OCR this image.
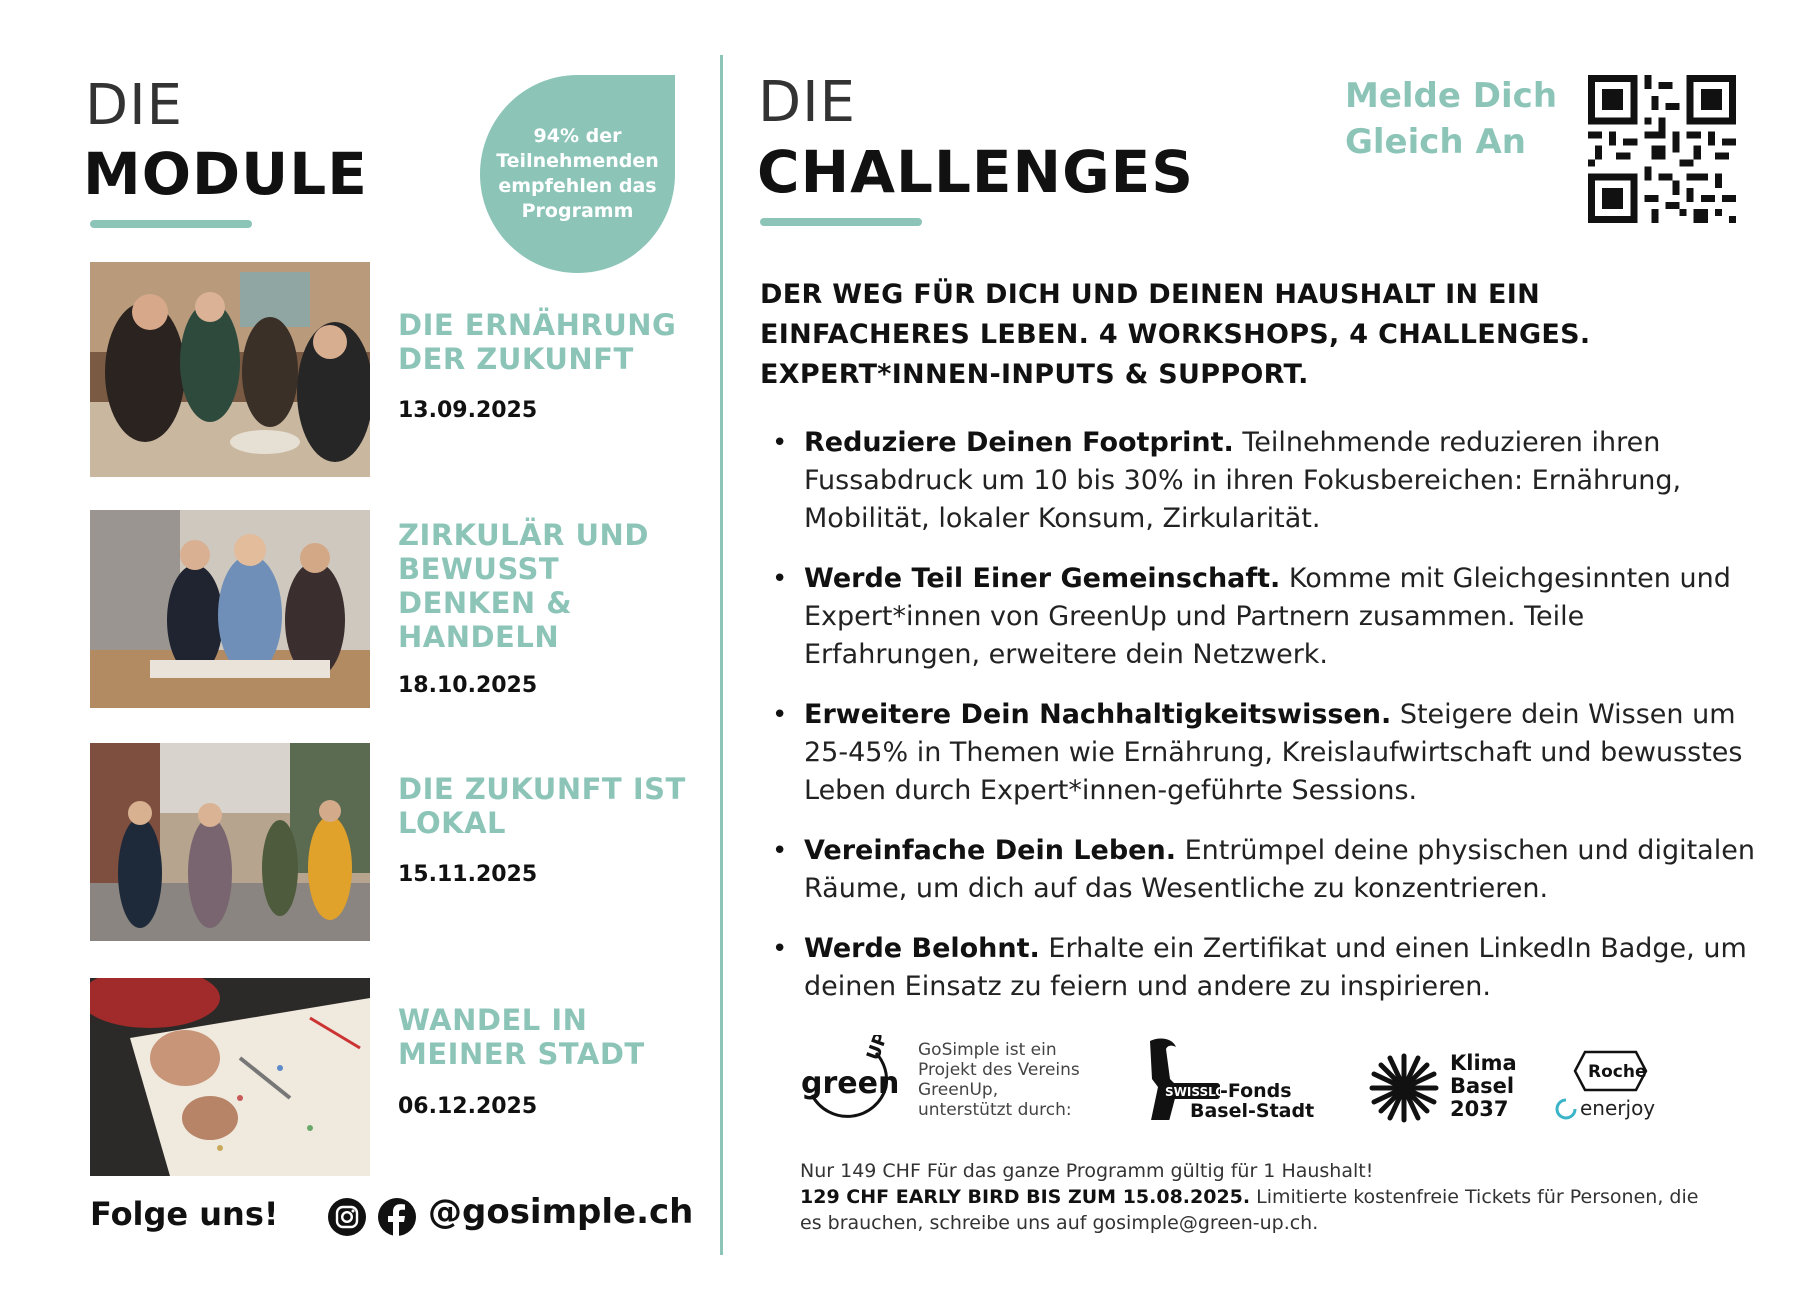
DIE
MODULE
94% der Teilnehmenden empfehlen das Programm
DIE ERNÄHRUNG DER ZUKUNFT
13.09.2025
ZIRKULÄR UND BEWUSST DENKEN & HANDELN
18.10.2025
DIE ZUKUNFT IST LOKAL
15.11.2025
WANDEL IN MEINER STADT
06.12.2025
Folge uns!	@gosimple.ch
DIE
CHALLENGES
Melde Dich
Gleich An
DER WEG FÜR DICH UND DEINEN HAUSHALT IN EIN EINFACHERES LEBEN. 4 WORKSHOPS, 4 CHALLENGES. EXPERT*INNEN-INPUTS & SUPPORT.
• Reduziere Deinen Footprint. Teilnehmende reduzieren ihren Fussabdruck um 10 bis 30% in ihren Fokusbereichen: Ernährung, Mobilität, lokaler Konsum, Zirkularität.
• Werde Teil Einer Gemeinschaft. Komme mit Gleichgesinnten und Expert*innen von GreenUp und Partnern zusammen. Teile Erfahrungen, erweitere dein Netzwerk.
• Erweitere Dein Nachhaltigkeitswissen. Steigere dein Wissen um 25-45% in Themen wie Ernährung, Kreislaufwirtschaft und bewusstes Leben durch Expert*innen-geführte Sessions.
• Vereinfache Dein Leben. Entrümpel deine physischen und digitalen Räume, um dich auf das Wesentliche zu konzentrieren.
• Werde Belohnt. Erhalte ein Zertifikat und einen LinkedIn Badge, um deinen Einsatz zu feiern und andere zu inspirieren.
green
UP GoSimple ist ein Projekt des Vereins GreenUp, unterstützt durch:
SWISSLOS
-Fonds
Basel-Stadt
Klima
Basel
2037
Roche
enerjoy
Nur 149 CHF Für das ganze Programm gültig für 1 Haushalt!
129 CHF EARLY BIRD BIS ZUM 15.08.2025. Limitierte kostenfreie Tickets für Personen, die es brauchen, schreibe uns auf gosimple@green-up.ch.
